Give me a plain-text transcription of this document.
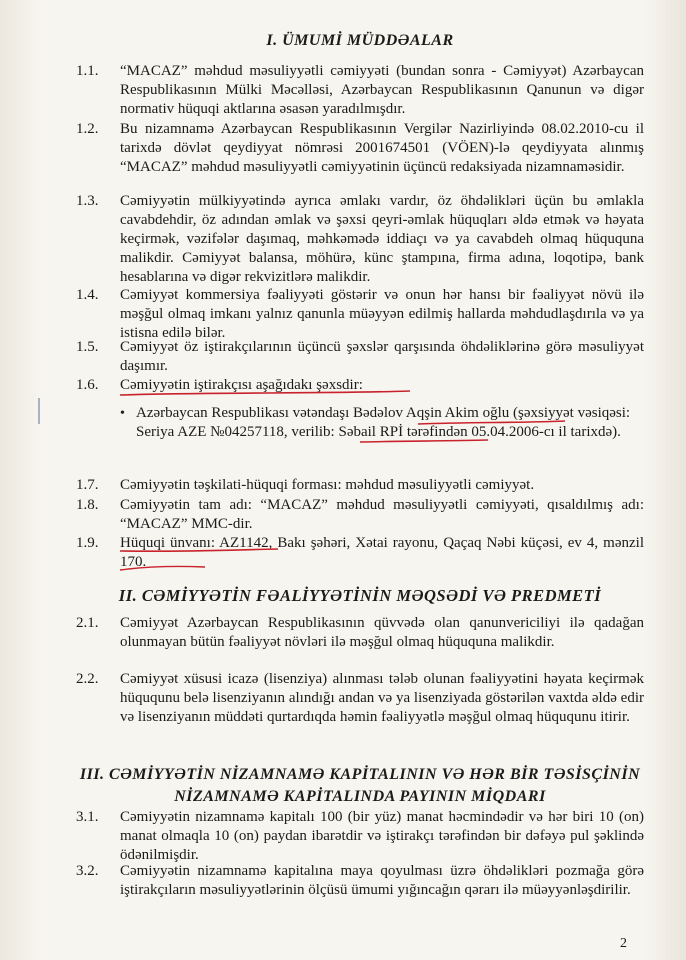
I. ÜMUMİ MÜDDƏALAR
1.1. “MACAZ” məhdud məsuliyyətli cəmiyyəti (bundan sonra - Cəmiyyət) Azərbaycan Respublikasının Mülki Məcəlləsi, Azərbaycan Respublikasının Qanunun və digər normativ hüquqi aktlarına əsasən yaradılmışdır.
1.2. Bu nizamnamə Azərbaycan Respublikasının Vergilər Nazirliyində 08.02.2010-cu il tarixdə dövlət qeydiyyat nömrəsi 2001674501 (VÖEN)-lə qeydiyyata alınmış “MACAZ” məhdud məsuliyyətli cəmiyyətinin üçüncü redaksiyada nizamnaməsidir.
1.3. Cəmiyyətin mülkiyyətində ayrıca əmlakı vardır, öz öhdəlikləri üçün bu əmlakla cavabdehdir, öz adından əmlak və şəxsi qeyri-əmlak hüquqları əldə etmək və həyata keçirmək, vəzifələr daşımaq, məhkəmədə iddiaçı və ya cavabdeh olmaq hüququna malikdir. Cəmiyyət balansa, möhürə, künc ştampına, firma adına, loqotipə, bank hesablarına və digər rekvizitlərə malikdir.
1.4. Cəmiyyət kommersiya fəaliyyəti göstərir və onun hər hansı bir fəaliyyət növü ilə məşğul olmaq imkanı yalnız qanunla müəyyən edilmiş hallarda məhdudlaşdırıla və ya istisna edilə bilər.
1.5. Cəmiyyət öz iştirakçılarının üçüncü şəxslər qarşısında öhdəliklərinə görə məsuliyyət daşımır.
1.6. Cəmiyyətin iştirakçısı aşağıdakı şəxsdir:
• Azərbaycan Respublikası vətəndaşı Bədəlov Aqşin Akim oğlu (şəxsiyyət vəsiqəsi: Seriya AZE №04257118, verilib: Səbail RPİ tərəfindən 05.04.2006-cı il tarixdə).
1.7. Cəmiyyətin təşkilati-hüquqi forması: məhdud məsuliyyətli cəmiyyət.
1.8. Cəmiyyətin tam adı: “MACAZ” məhdud məsuliyyətli cəmiyyəti, qısaldılmış adı: “MACAZ” MMC-dir.
1.9. Hüquqi ünvanı: AZ1142, Bakı şəhəri, Xətai rayonu, Qaçaq Nəbi küçəsi, ev 4, mənzil 170.
II. CƏMİYYƏTİN FƏALİYYƏTİNİN MƏQSƏDİ VƏ PREDMETİ
2.1. Cəmiyyət Azərbaycan Respublikasının qüvvədə olan qanunvericiliyi ilə qadağan olunmayan bütün fəaliyyət növləri ilə məşğul olmaq hüququna malikdir.
2.2. Cəmiyyət xüsusi icazə (lisenziya) alınması tələb olunan fəaliyyətini həyata keçirmək hüququnu belə lisenziyanın alındığı andan və ya lisenziyada göstərilən vaxtda əldə edir və lisenziyanın müddəti qurtardıqda həmin fəaliyyətlə məşğul olmaq hüququnu itirir.
III. CƏMİYYƏTİN NİZAMNAMƏ KAPİTALININ VƏ HƏR BİR TƏSİSÇİNİN
NİZAMNAMƏ KAPİTALINDA PAYININ MİQDARI
3.1. Cəmiyyətin nizamnamə kapitalı 100 (bir yüz) manat həcmindədir və hər biri 10 (on) manat olmaqla 10 (on) paydan ibarətdir və iştirakçı tərəfindən bir dəfəyə pul şəklində ödənilmişdir.
3.2. Cəmiyyətin nizamnamə kapitalına maya qoyulması üzrə öhdəlikləri pozmağa görə iştirakçıların məsuliyyətlərinin ölçüsü ümumi yığıncağın qərarı ilə müəyyənləşdirilir.
2
